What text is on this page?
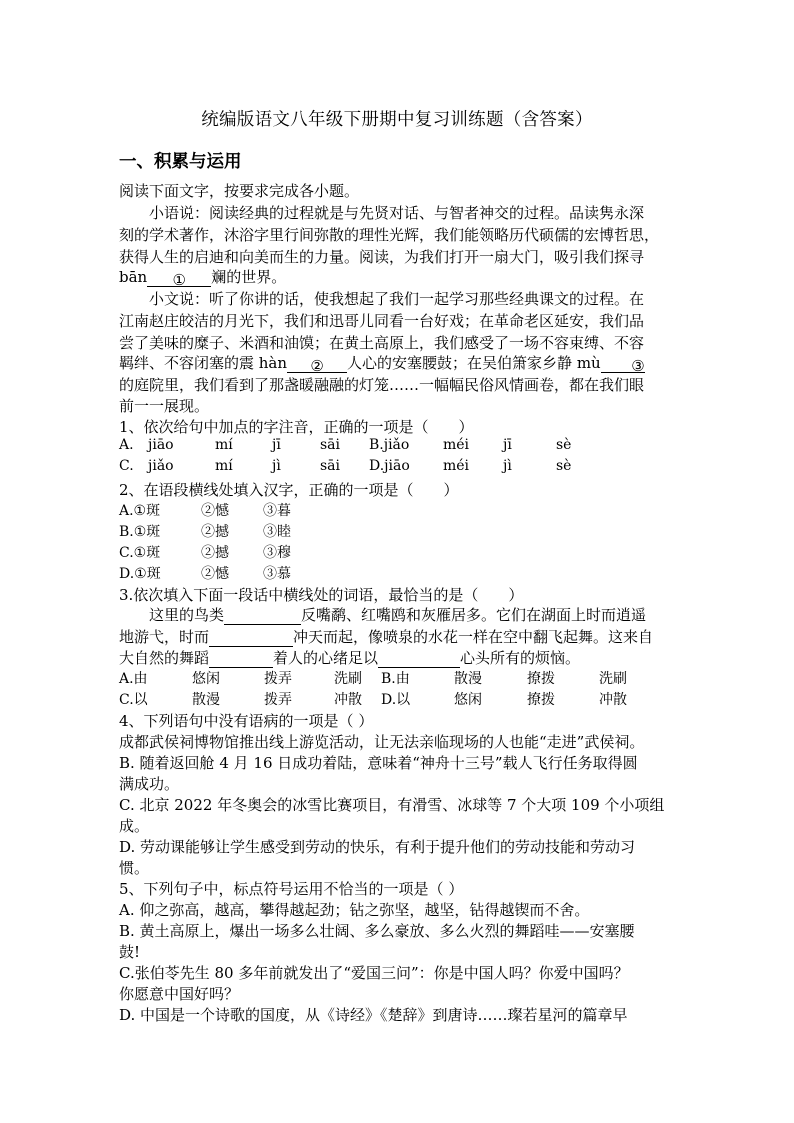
统编版语文八年级下册期中复习训练题（含答案）
一、积累与运用
阅读下面文字，按要求完成各小题。
小语说：阅读经典的过程就是与先贤对话、与智者神交的过程。品读隽永深
刻的学术著作，沐浴字里行间弥散的理性光辉，我们能领略历代硕儒的宏博哲思，
获得人生的启迪和向美而生的力量。阅读，为我们打开一扇大门，吸引我们探寻
bān ① 斓的世界。
小文说：听了你讲的话，使我想起了我们一起学习那些经典课文的过程。在
江南赵庄皎洁的月光下，我们和迅哥儿同看一台好戏；在革命老区延安，我们品
尝了美味的糜子、米酒和油馍；在黄土高原上，我们感受了一场不容束缚、不容
羁绊、不容闭塞的震 hàn ② 人心的安塞腰鼓；在吴伯箫家乡静 mù ③
的庭院里，我们看到了那盏暖融融的灯笼……一幅幅民俗风情画卷，都在我们眼
前一一展现。
1、依次给句中加点的字注音，正确的一项是（　　）
A. jiāo	mí	jī	sāi B.jiǎo méi jī	sè
C. jiǎo	mí	jì	sāi D.jiāo méi jì	sè
2、在语段横线处填入汉字，正确的一项是（　　）
A.①斑	②憾 ③暮
B.①斑	②撼 ③睦
C.①斑	②撼 ③穆
D.①斑	②憾 ③慕
3.依次填入下面一段话中横线处的词语，最恰当的是（　　）
这里的鸟类	反嘴鹬、红嘴鸥和灰雁居多。它们在湖面上时而逍遥
地游弋，时而	冲天而起，像喷泉的水花一样在空中翻飞起舞。这来自
大自然的舞蹈	着人的心绪足以	心头所有的烦恼。
A.由	悠闲	拨弄	洗刷 B.由	散漫	撩拨	洗刷
C.以	散漫	拨弄	冲散 D.以	悠闲	撩拨	冲散
4、下列语句中没有语病的一项是（ ）
成都武侯祠博物馆推出线上游览活动，让无法亲临现场的人也能“走进”武侯祠。
B. 随着返回舱 4 月 16 日成功着陆，意味着“神舟十三号”载人飞行任务取得圆
满成功。
C. 北京 2022 年冬奥会的冰雪比赛项目，有滑雪、冰球等 7 个大项 109 个小项组
成。
D. 劳动课能够让学生感受到劳动的快乐，有利于提升他们的劳动技能和劳动习
惯。
5、下列句子中，标点符号运用不恰当的一项是（ ）
A. 仰之弥高，越高，攀得越起劲；钻之弥坚，越坚，钻得越锲而不舍。
B. 黄土高原上，爆出一场多么壮阔、多么豪放、多么火烈的舞蹈哇——安塞腰
鼓!
C.张伯苓先生 80 多年前就发出了“爱国三问”：你是中国人吗？你爱中国吗？
你愿意中国好吗？
D. 中国是一个诗歌的国度，从《诗经》《楚辞》到唐诗……璨若星河的篇章早
